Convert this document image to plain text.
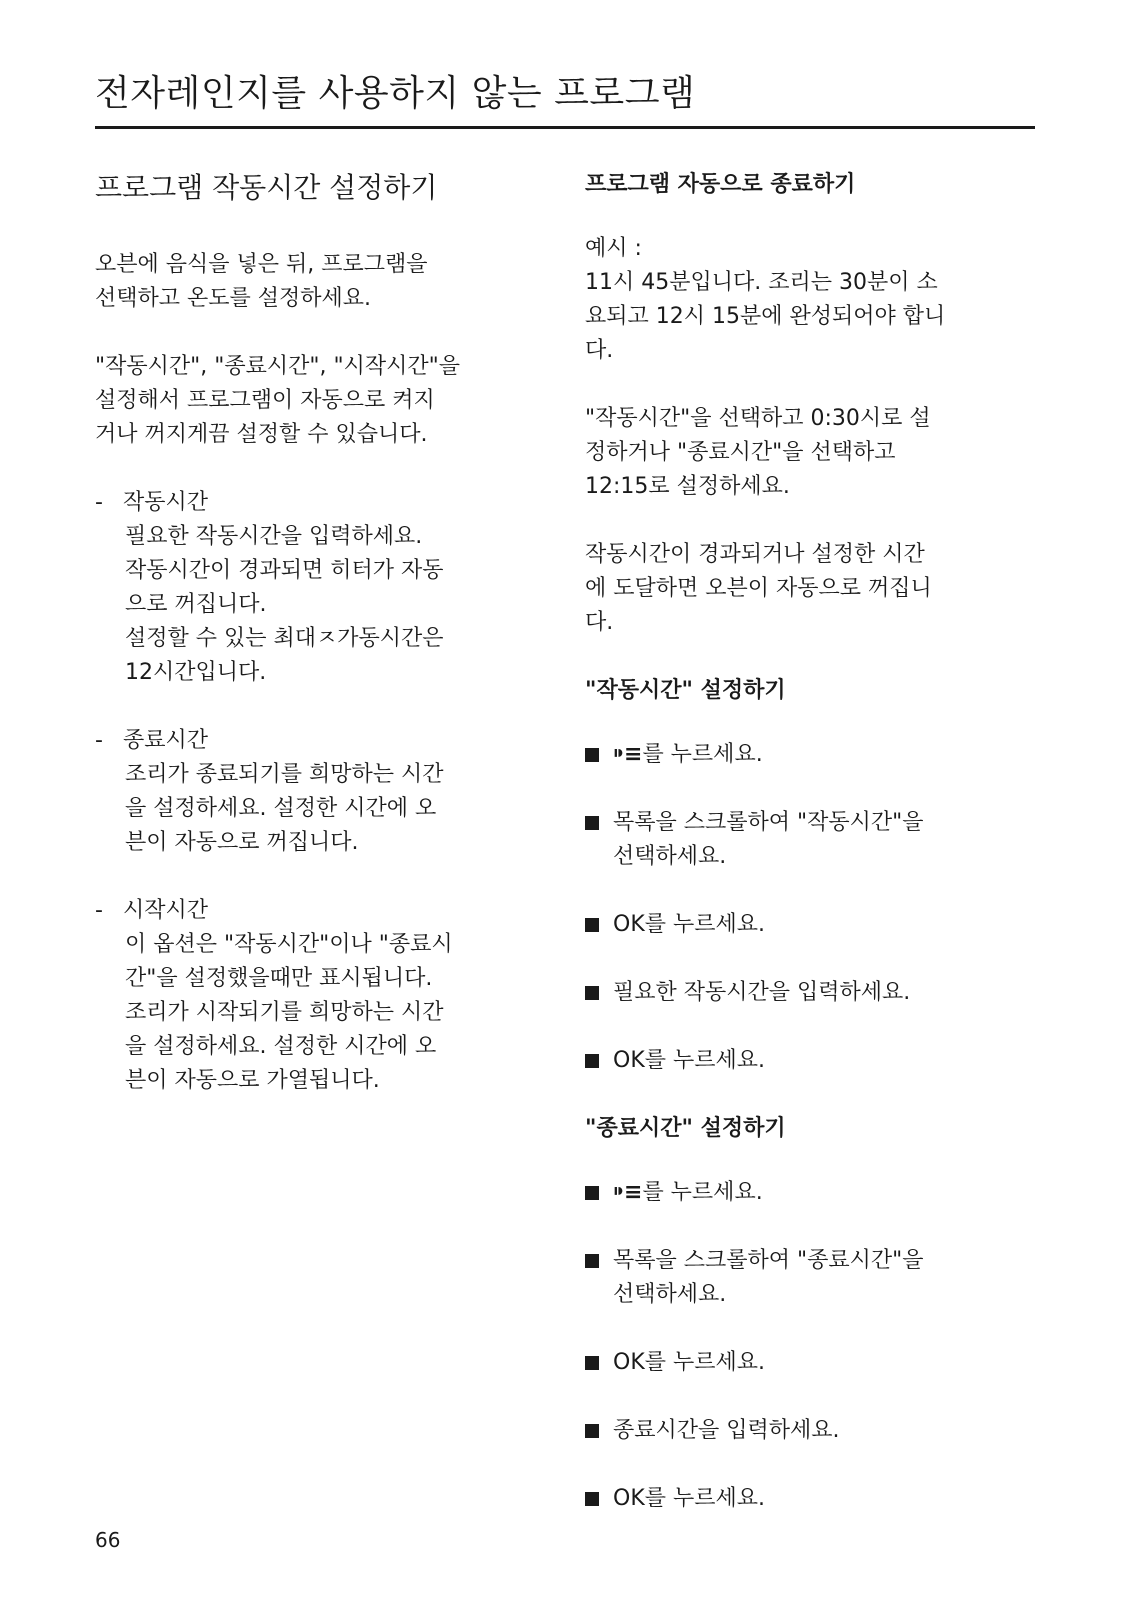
전자레인지를 사용하지 않는 프로그램
프로그램 작동시간 설정하기

오븐에 음식을 넣은 뒤, 프로그램을
선택하고 온도를 설정하세요.

"작동시간", "종료시간", "시작시간"을
설정해서 프로그램이 자동으로 켜지
거나 꺼지게끔 설정할 수 있습니다.

- 작동시간
필요한 작동시간을 입력하세요.
작동시간이 경과되면 히터가 자동
으로 꺼집니다.
설정할 수 있는 최대ㅈ가동시간은
12시간입니다.
- 종료시간
조리가 종료되기를 희망하는 시간
을 설정하세요. 설정한 시간에 오
븐이 자동으로 꺼집니다.
- 시작시간
이 옵션은 "작동시간"이나 "종료시
간"을 설정했을때만 표시됩니다.
조리가 시작되기를 희망하는 시간
을 설정하세요. 설정한 시간에 오
븐이 자동으로 가열됩니다.
프로그램 자동으로 종료하기

예시 :

11시 45분입니다. 조리는 30분이 소
요되고 12시 15분에 완성되어야 합니
다.

"작동시간"을 선택하고 0:30시로 설
정하거나 "종료시간"을 선택하고
12:15로 설정하세요.

작동시간이 경과되거나 설정한 시간
에 도달하면 오븐이 자동으로 꺼집니
다.

"작동시간" 설정하기
⁍≡를 누르세요.
목록을 스크롤하여 "작동시간"을
선택하세요.
OK를 누르세요.
필요한 작동시간을 입력하세요.
OK를 누르세요.
"종료시간" 설정하기
⁍≡를 누르세요.
목록을 스크롤하여 "종료시간"을
선택하세요.
OK를 누르세요.
종료시간을 입력하세요.
OK를 누르세요.
66
